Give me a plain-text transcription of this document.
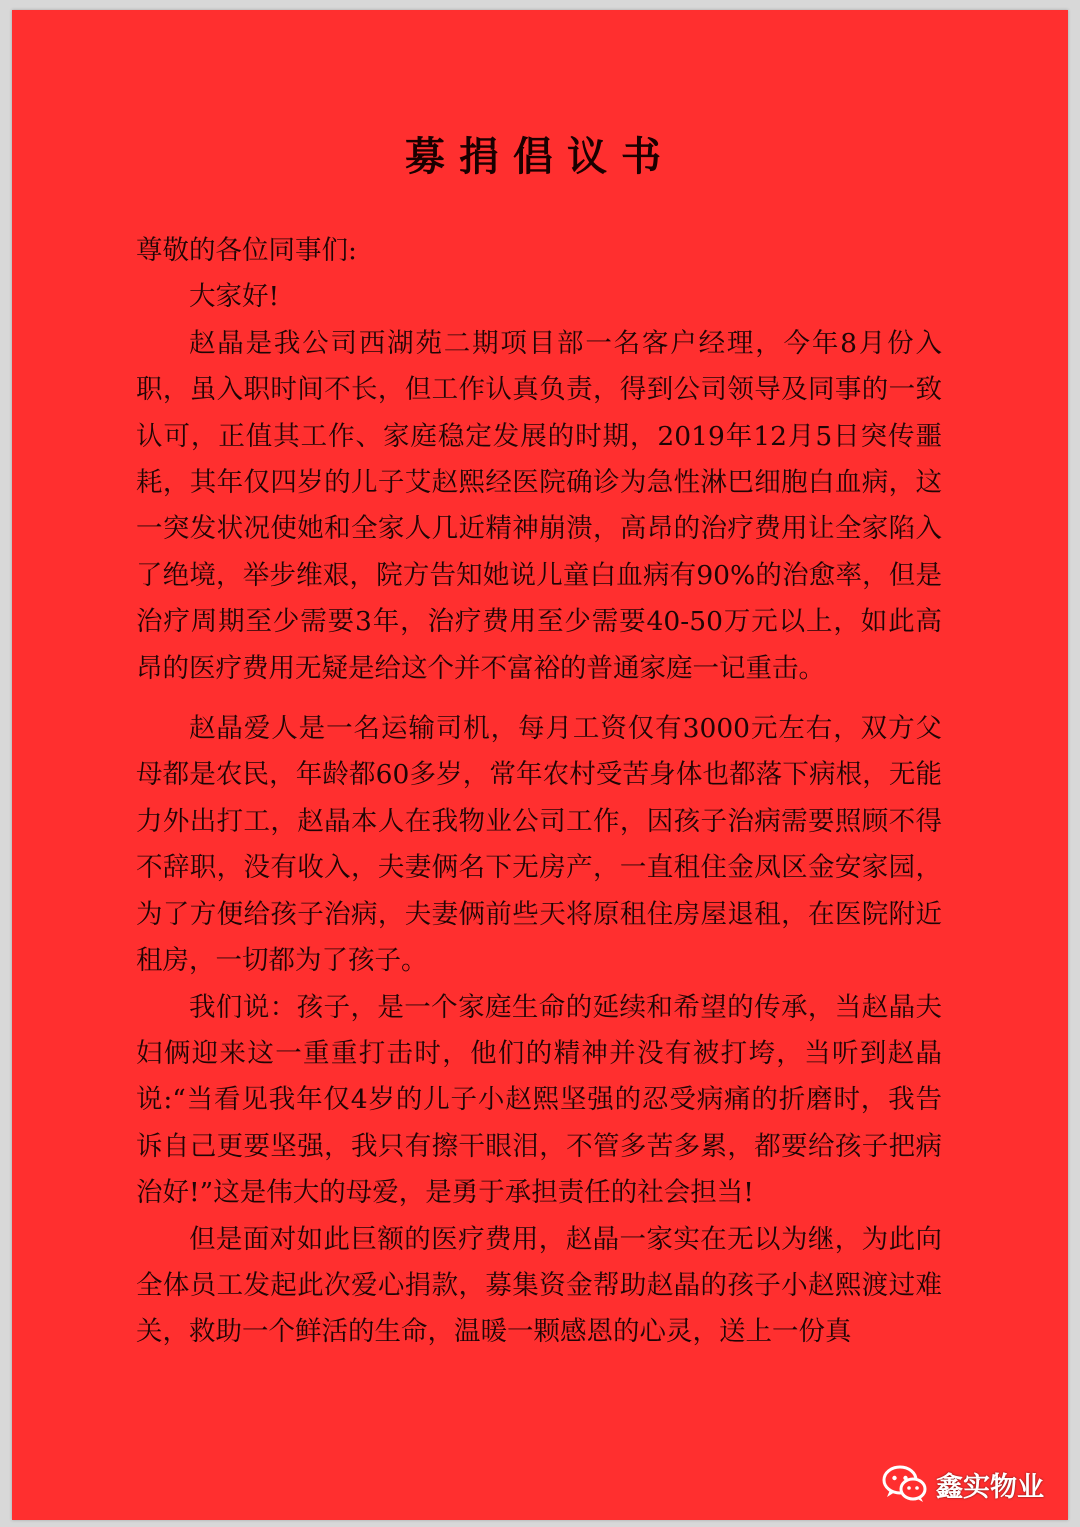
募捐倡议书

尊敬的各位同事们:

大家好!

赵晶是我公司西湖苑二期项目部一名客户经理，今年8月份入职，虽入职时间不长，但工作认真负责，得到公司领导及同事的一致认可，正值其工作、家庭稳定发展的时期，2019年12月5日突传噩耗，其年仅四岁的儿子艾赵熙经医院确诊为急性淋巴细胞白血病，这一突发状况使她和全家人几近精神崩溃，高昂的治疗费用让全家陷入了绝境，举步维艰，院方告知她说儿童白血病有90%的治愈率，但是治疗周期至少需要3年，治疗费用至少需要40-50万元以上，如此高昂的医疗费用无疑是给这个并不富裕的普通家庭一记重击。

赵晶爱人是一名运输司机，每月工资仅有3000元左右，双方父母都是农民，年龄都60多岁，常年农村受苦身体也都落下病根，无能力外出打工，赵晶本人在我物业公司工作，因孩子治病需要照顾不得不辞职，没有收入，夫妻俩名下无房产，一直租住金凤区金安家园，为了方便给孩子治病，夫妻俩前些天将原租住房屋退租，在医院附近租房，一切都为了孩子。

我们说：孩子，是一个家庭生命的延续和希望的传承，当赵晶夫妇俩迎来这一重重打击时，他们的精神并没有被打垮，当听到赵晶说:“当看见我年仅4岁的儿子小赵熙坚强的忍受病痛的折磨时，我告诉自己更要坚强，我只有擦干眼泪，不管多苦多累，都要给孩子把病治好!”这是伟大的母爱，是勇于承担责任的社会担当!

但是面对如此巨额的医疗费用，赵晶一家实在无以为继，为此向全体员工发起此次爱心捐款，募集资金帮助赵晶的孩子小赵熙渡过难关，救助一个鲜活的生命，温暖一颗感恩的心灵，送上一份真

鑫实物业
